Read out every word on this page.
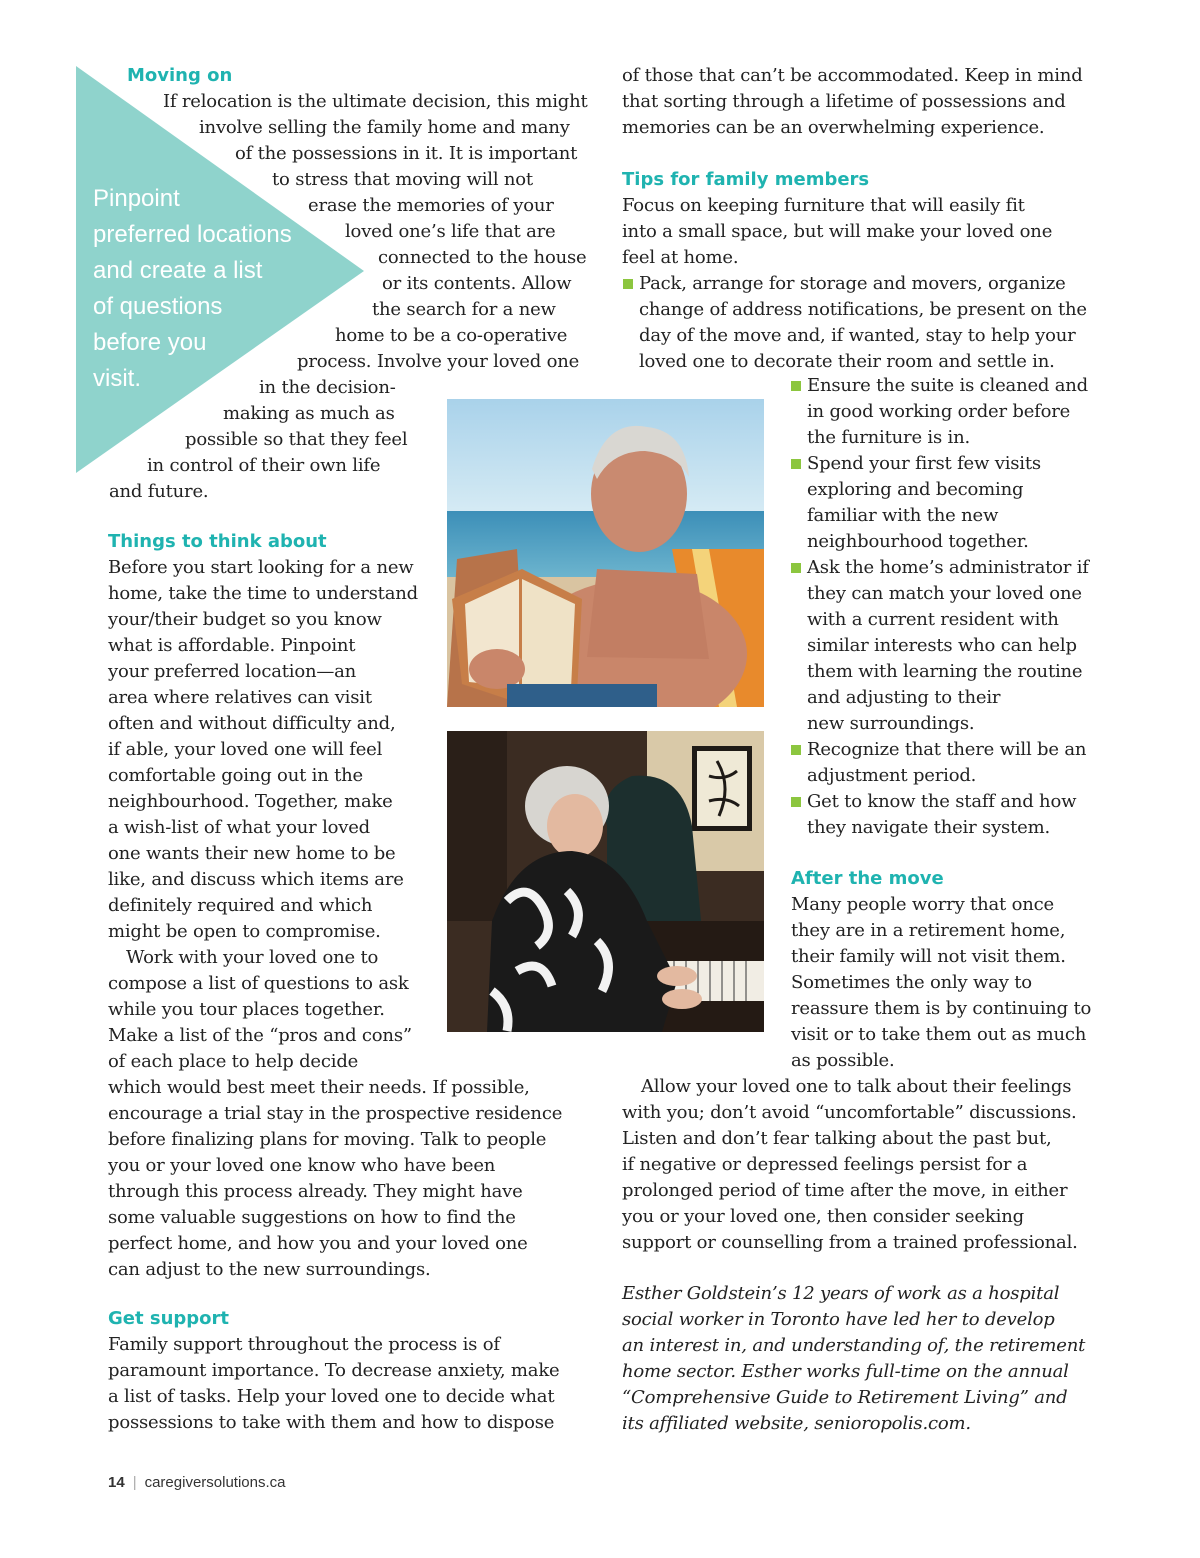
Pinpoint
preferred locations
and create a list
of questions
before you
visit.
Moving on
If relocation is the ultimate decision, this might
involve selling the family home and many
of the possessions in it. It is important
to stress that moving will not
erase the memories of your
loved one’s life that are
connected to the house
or its contents. Allow
the search for a new
home to be a co-operative
process. Involve your loved one
in the decision-
making as much as
possible so that they feel
in control of their own life
and future.
Things to think about
Before you start looking for a new
home, take the time to understand
your/their budget so you know
what is affordable. Pinpoint
your preferred location—an
area where relatives can visit
often and without difficulty and,
if able, your loved one will feel
comfortable going out in the
neighbourhood. Together, make
a wish-list of what your loved
one wants their new home to be
like, and discuss which items are
definitely required and which
might be open to compromise.
Work with your loved one to
compose a list of questions to ask
while you tour places together.
Make a list of the “pros and cons”
of each place to help decide
which would best meet their needs. If possible,
encourage a trial stay in the prospective residence
before finalizing plans for moving. Talk to people
you or your loved one know who have been
through this process already. They might have
some valuable suggestions on how to find the
perfect home, and how you and your loved one
can adjust to the new surroundings.
Get support
Family support throughout the process is of
paramount importance. To decrease anxiety, make
a list of tasks. Help your loved one to decide what
possessions to take with them and how to dispose
of those that can’t be accommodated. Keep in mind
that sorting through a lifetime of possessions and
memories can be an overwhelming experience.
Tips for family members
Focus on keeping furniture that will easily fit
into a small space, but will make your loved one
feel at home.
Pack, arrange for storage and movers, organize
change of address notifications, be present on the
day of the move and, if wanted, stay to help your
loved one to decorate their room and settle in.
Ensure the suite is cleaned and
in good working order before
the furniture is in.
Spend your first few visits
exploring and becoming
familiar with the new
neighbourhood together.
Ask the home’s administrator if
they can match your loved one
with a current resident with
similar interests who can help
them with learning the routine
and adjusting to their
new surroundings.
Recognize that there will be an
adjustment period.
Get to know the staff and how
they navigate their system.
After the move
Many people worry that once
they are in a retirement home,
their family will not visit them.
Sometimes the only way to
reassure them is by continuing to
visit or to take them out as much
as possible.
Allow your loved one to talk about their feelings
with you; don’t avoid “uncomfortable” discussions.
Listen and don’t fear talking about the past but,
if negative or depressed feelings persist for a
prolonged period of time after the move, in either
you or your loved one, then consider seeking
support or counselling from a trained professional.
Esther Goldstein’s 12 years of work as a hospital
social worker in Toronto have led her to develop
an interest in, and understanding of, the retirement
home sector. Esther works full-time on the annual
“Comprehensive Guide to Retirement Living” and
its affiliated website, senioropolis.com.
14 | caregiversolutions.ca
